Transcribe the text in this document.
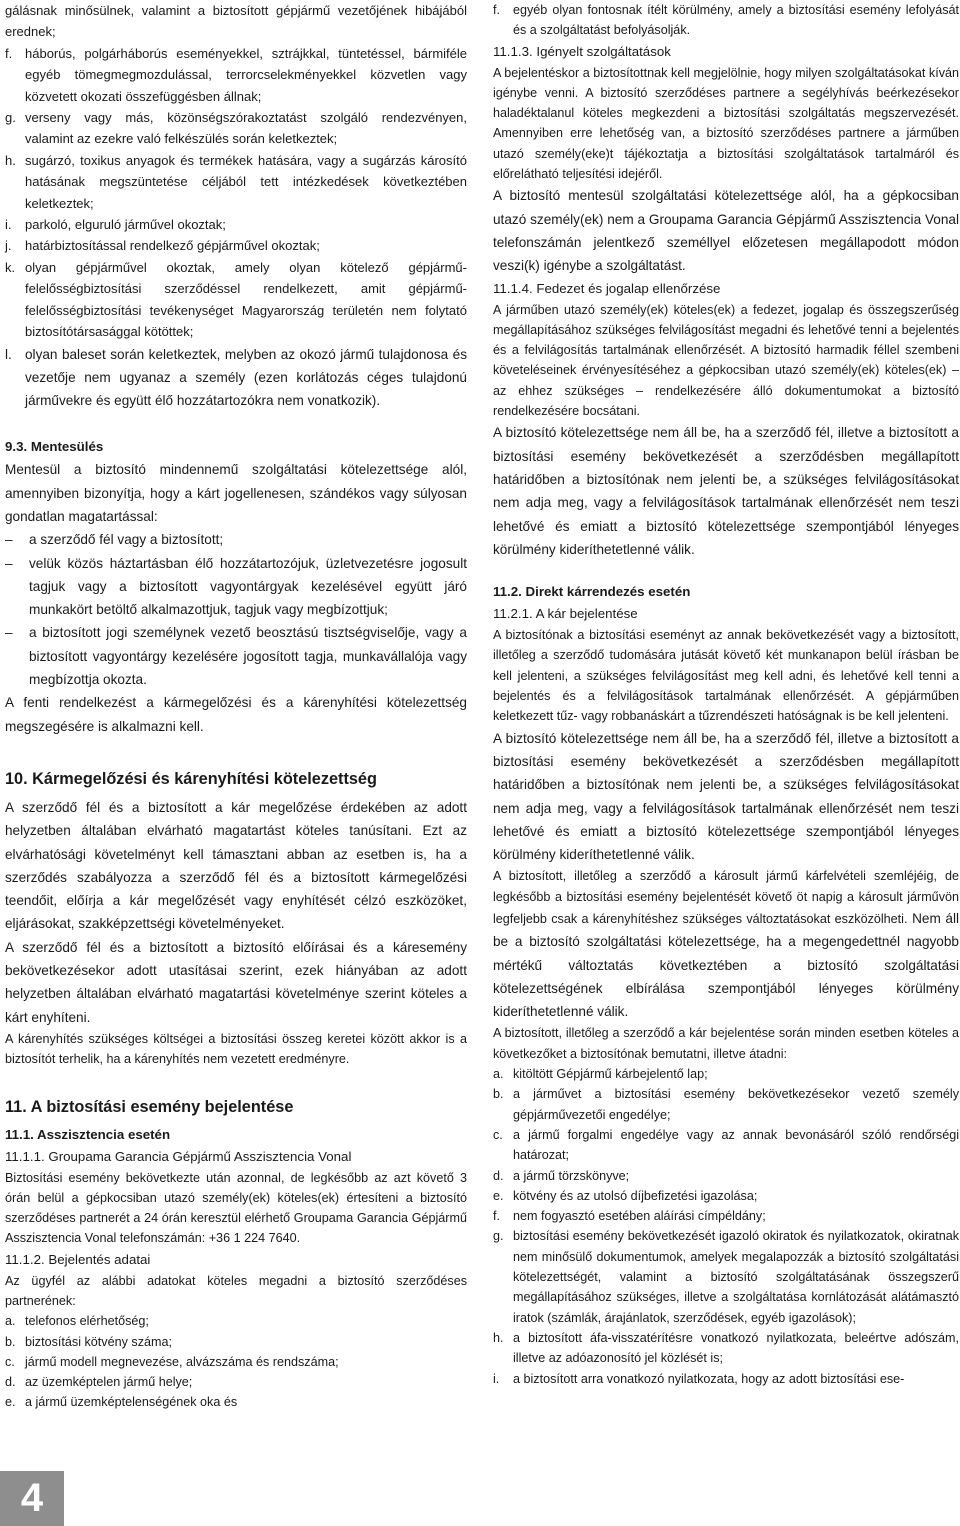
gálásnak minősülnek, valamint a biztosított gépjármű vezetőjének hibájából erednek;

f. háborús, polgárháborús eseményekkel, sztrájkkal, tüntetéssel, bármiféle egyéb tömegmegmozdulással, terrorcselekményekkel közvetlen vagy közvetett okozati összefüggésben állnak;
g. verseny vagy más, közönségszórakoztatást szolgáló rendezvényen, valamint az ezekre való felkészülés során keletkeztek;
h. sugárzó, toxikus anyagok és termékek hatására, vagy a sugárzás károsító hatásának megszüntetése céljából tett intézkedések következtében keletkeztek;
i.	parkoló, elguruló járművel okoztak;
j.	határbiztosítással rendelkező gépjárművel okoztak;
k. olyan gépjárművel okoztak, amely olyan kötelező gépjármű-felelősségbiztosítási szerződéssel rendelkezett, amit gépjármű-felelősségbiztosítási tevékenységet Magyarország területén nem folytató biztosítótársasággal kötöttek;
l. olyan baleset során keletkeztek, melyben az okozó jármű tulajdonosa és vezetője nem ugyanaz a személy (ezen korlátozás céges tulajdonú járművekre és együtt élő hozzátartozókra nem vonatkozik).

9.3. Mentesülés

Mentesül a biztosító mindennemű szolgáltatási kötelezettsége alól, amennyiben bizonyítja, hogy a kárt jogellenesen, szándékos vagy súlyosan gondatlan magatartással:

–	a szerződő fél vagy a biztosított;
–	velük közös háztartásban élő hozzátartozójuk, üzletvezetésre jogosult tagjuk vagy a biztosított vagyontárgyak kezelésével együtt járó munkakört betöltő alkalmazottjuk, tagjuk vagy megbízottjuk;
–	a biztosított jogi személynek vezető beosztású tisztségviselője, vagy a biztosított vagyontárgy kezelésére jogosított tagja, munkavállalója vagy megbízottja okozta.

A fenti rendelkezést a kármegelőzési és a kárenyhítési kötelezettség megszegésére is alkalmazni kell.

10. Kármegelőzési és kárenyhítési kötelezettség

A szerződő fél és a biztosított a kár megelőzése érdekében az adott helyzetben általában elvárható magatartást köteles tanúsítani. Ezt az elvárhatósági követelményt kell támasztani abban az esetben is, ha a szerződés szabályozza a szerződő fél és a biztosított kármegelőzési teendőit, előírja a kár megelőzését vagy enyhítését célzó eszközöket, eljárásokat, szakképzettségi követelményeket.

A szerződő fél és a biztosított a biztosító előírásai és a káresemény bekövetkezésekor adott utasításai szerint, ezek hiányában az adott helyzetben általában elvárható magatartási követelménye szerint köteles a kárt enyhíteni.

A kárenyhítés szükséges költségei a biztosítási összeg keretei között akkor is a biztosítót terhelik, ha a kárenyhítés nem vezetett eredményre.

11. A biztosítási esemény bejelentése

11.1. Asszisztencia esetén

11.1.1. Groupama Garancia Gépjármű Asszisztencia Vonal

Biztosítási esemény bekövetkezte után azonnal, de legkésőbb az azt követő 3 órán belül a gépkocsiban utazó személy(ek) köteles(ek) értesíteni a biztosító szerződéses partnerét a 24 órán keresztül elérhető Groupama Garancia Gépjármű Asszisztencia Vonal telefonszámán: +36 1 224 7640.

11.1.2. Bejelentés adatai

Az ügyfél az alábbi adatokat köteles megadni a biztosító szerződéses partnerének:

a. telefonos elérhetőség;
b. biztosítási kötvény száma;
c. jármű modell megnevezése, alvázszáma és rendszáma;
d. az üzemképtelen jármű helye;
e. a jármű üzemképtelenségének oka és
f.	egyéb olyan fontosnak ítélt körülmény, amely a biztosítási esemény lefolyását és a szolgáltatást befolyásolják.

11.1.3. Igényelt szolgáltatások

A bejelentéskor a biztosítottnak kell megjelölnie, hogy milyen szolgáltatásokat kíván igénybe venni. A biztosító szerződéses partnere a segélyhívás beérkezésekor haladéktalanul köteles megkezdeni a biztosítási szolgáltatás megszervezését. Amennyiben erre lehetőség van, a biztosító szerződéses partnere a járműben utazó személy(eke)t tájékoztatja a biztosítási szolgáltatások tartalmáról és előrelátható teljesítési idejéről.

A biztosító mentesül szolgáltatási kötelezettsége alól, ha a gépkocsiban utazó személy(ek) nem a Groupama Garancia Gépjármű Asszisztencia Vonal telefonszámán jelentkező személlyel előzetesen megállapodott módon veszi(k) igénybe a szolgáltatást.

11.1.4. Fedezet és jogalap ellenőrzése

A járműben utazó személy(ek) köteles(ek) a fedezet, jogalap és összegszerűség megállapításához szükséges felvilágosítást megadni és lehetővé tenni a bejelentés és a felvilágosítás tartalmának ellenőrzését. A biztosító harmadik féllel szembeni követeléseinek érvényesítéséhez a gépkocsiban utazó személy(ek) köteles(ek) – az ehhez szükséges – rendelkezésére álló dokumentumokat a biztosító rendelkezésére bocsátani.

A biztosító kötelezettsége nem áll be, ha a szerződő fél, illetve a biztosított a biztosítási esemény bekövetkezését a szerződésben megállapított határidőben a biztosítónak nem jelenti be, a szükséges felvilágosításokat nem adja meg, vagy a felvilágosítások tartalmának ellenőrzését nem teszi lehetővé és emiatt a biztosító kötelezettsége szempontjából lényeges körülmény kideríthetetlenné válik.

11.2. Direkt kárrendezés esetén

11.2.1. A kár bejelentése

A biztosítónak a biztosítási eseményt az annak bekövetkezését vagy a biztosított, illetőleg a szerződő tudomására jutását követő két munkanapon belül írásban be kell jelenteni, a szükséges felvilágosítást meg kell adni, és lehetővé kell tenni a bejelentés és a felvilágosítások tartalmának ellenőrzését. A gépjárműben keletkezett tűz- vagy robbanáskárt a tűzrendészeti hatóságnak is be kell jelenteni.

A biztosító kötelezettsége nem áll be, ha a szerződő fél, illetve a biztosított a biztosítási esemény bekövetkezését a szerződésben megállapított határidőben a biztosítónak nem jelenti be, a szükséges felvilágosításokat nem adja meg, vagy a felvilágosítások tartalmának ellenőrzését nem teszi lehetővé és emiatt a biztosító kötelezettsége szempontjából lényeges körülmény kideríthetetlenné válik.

A biztosított, illetőleg a szerződő a károsult jármű kárfelvételi szemléjéig, de legkésőbb a biztosítási esemény bejelentését követő öt napig a károsult járművön legfeljebb csak a kárenyhítéshez szükséges változtatásokat eszközölheti. Nem áll be a biztosító szolgáltatási kötelezettsége, ha a megengedettnél nagyobb mértékű változtatás következtében a biztosító szolgáltatási kötelezettségének elbírálása szempontjából lényeges körülmény kideríthetetlenné válik.

A biztosított, illetőleg a szerződő a kár bejelentése során minden esetben köteles a következőket a biztosítónak bemutatni, illetve átadni:

a. kitöltött Gépjármű kárbejelentő lap;
b. a járművet a biztosítási esemény bekövetkezésekor vezető személy gépjárművezetői engedélye;
c. a jármű forgalmi engedélye vagy az annak bevonásáról szóló rendőrségi határozat;
d. a jármű törzskönyve;
e. kötvény és az utolsó díjbefizetési igazolása;
f.	nem fogyasztó esetében aláírási címpéldány;
g. biztosítási esemény bekövetkezését igazoló okiratok és nyilatkozatok, okiratnak nem minősülő dokumentumok, amelyek megalapozzák a biztosító szolgáltatási kötelezettségét, valamint a biztosító szolgáltatásának összegszerű megállapításához szükséges, illetve a szolgáltatása kornlátozását alátámasztó iratok (számlák, árajánlatok, szerződések, egyéb igazolások);
h. a biztosított áfa-visszatérítésre vonatkozó nyilatkozata, beleértve adószám, illetve az adóazonosító jel közlését is;
i.	a biztosított arra vonatkozó nyilatkozata, hogy az adott biztosítási ese-
4
